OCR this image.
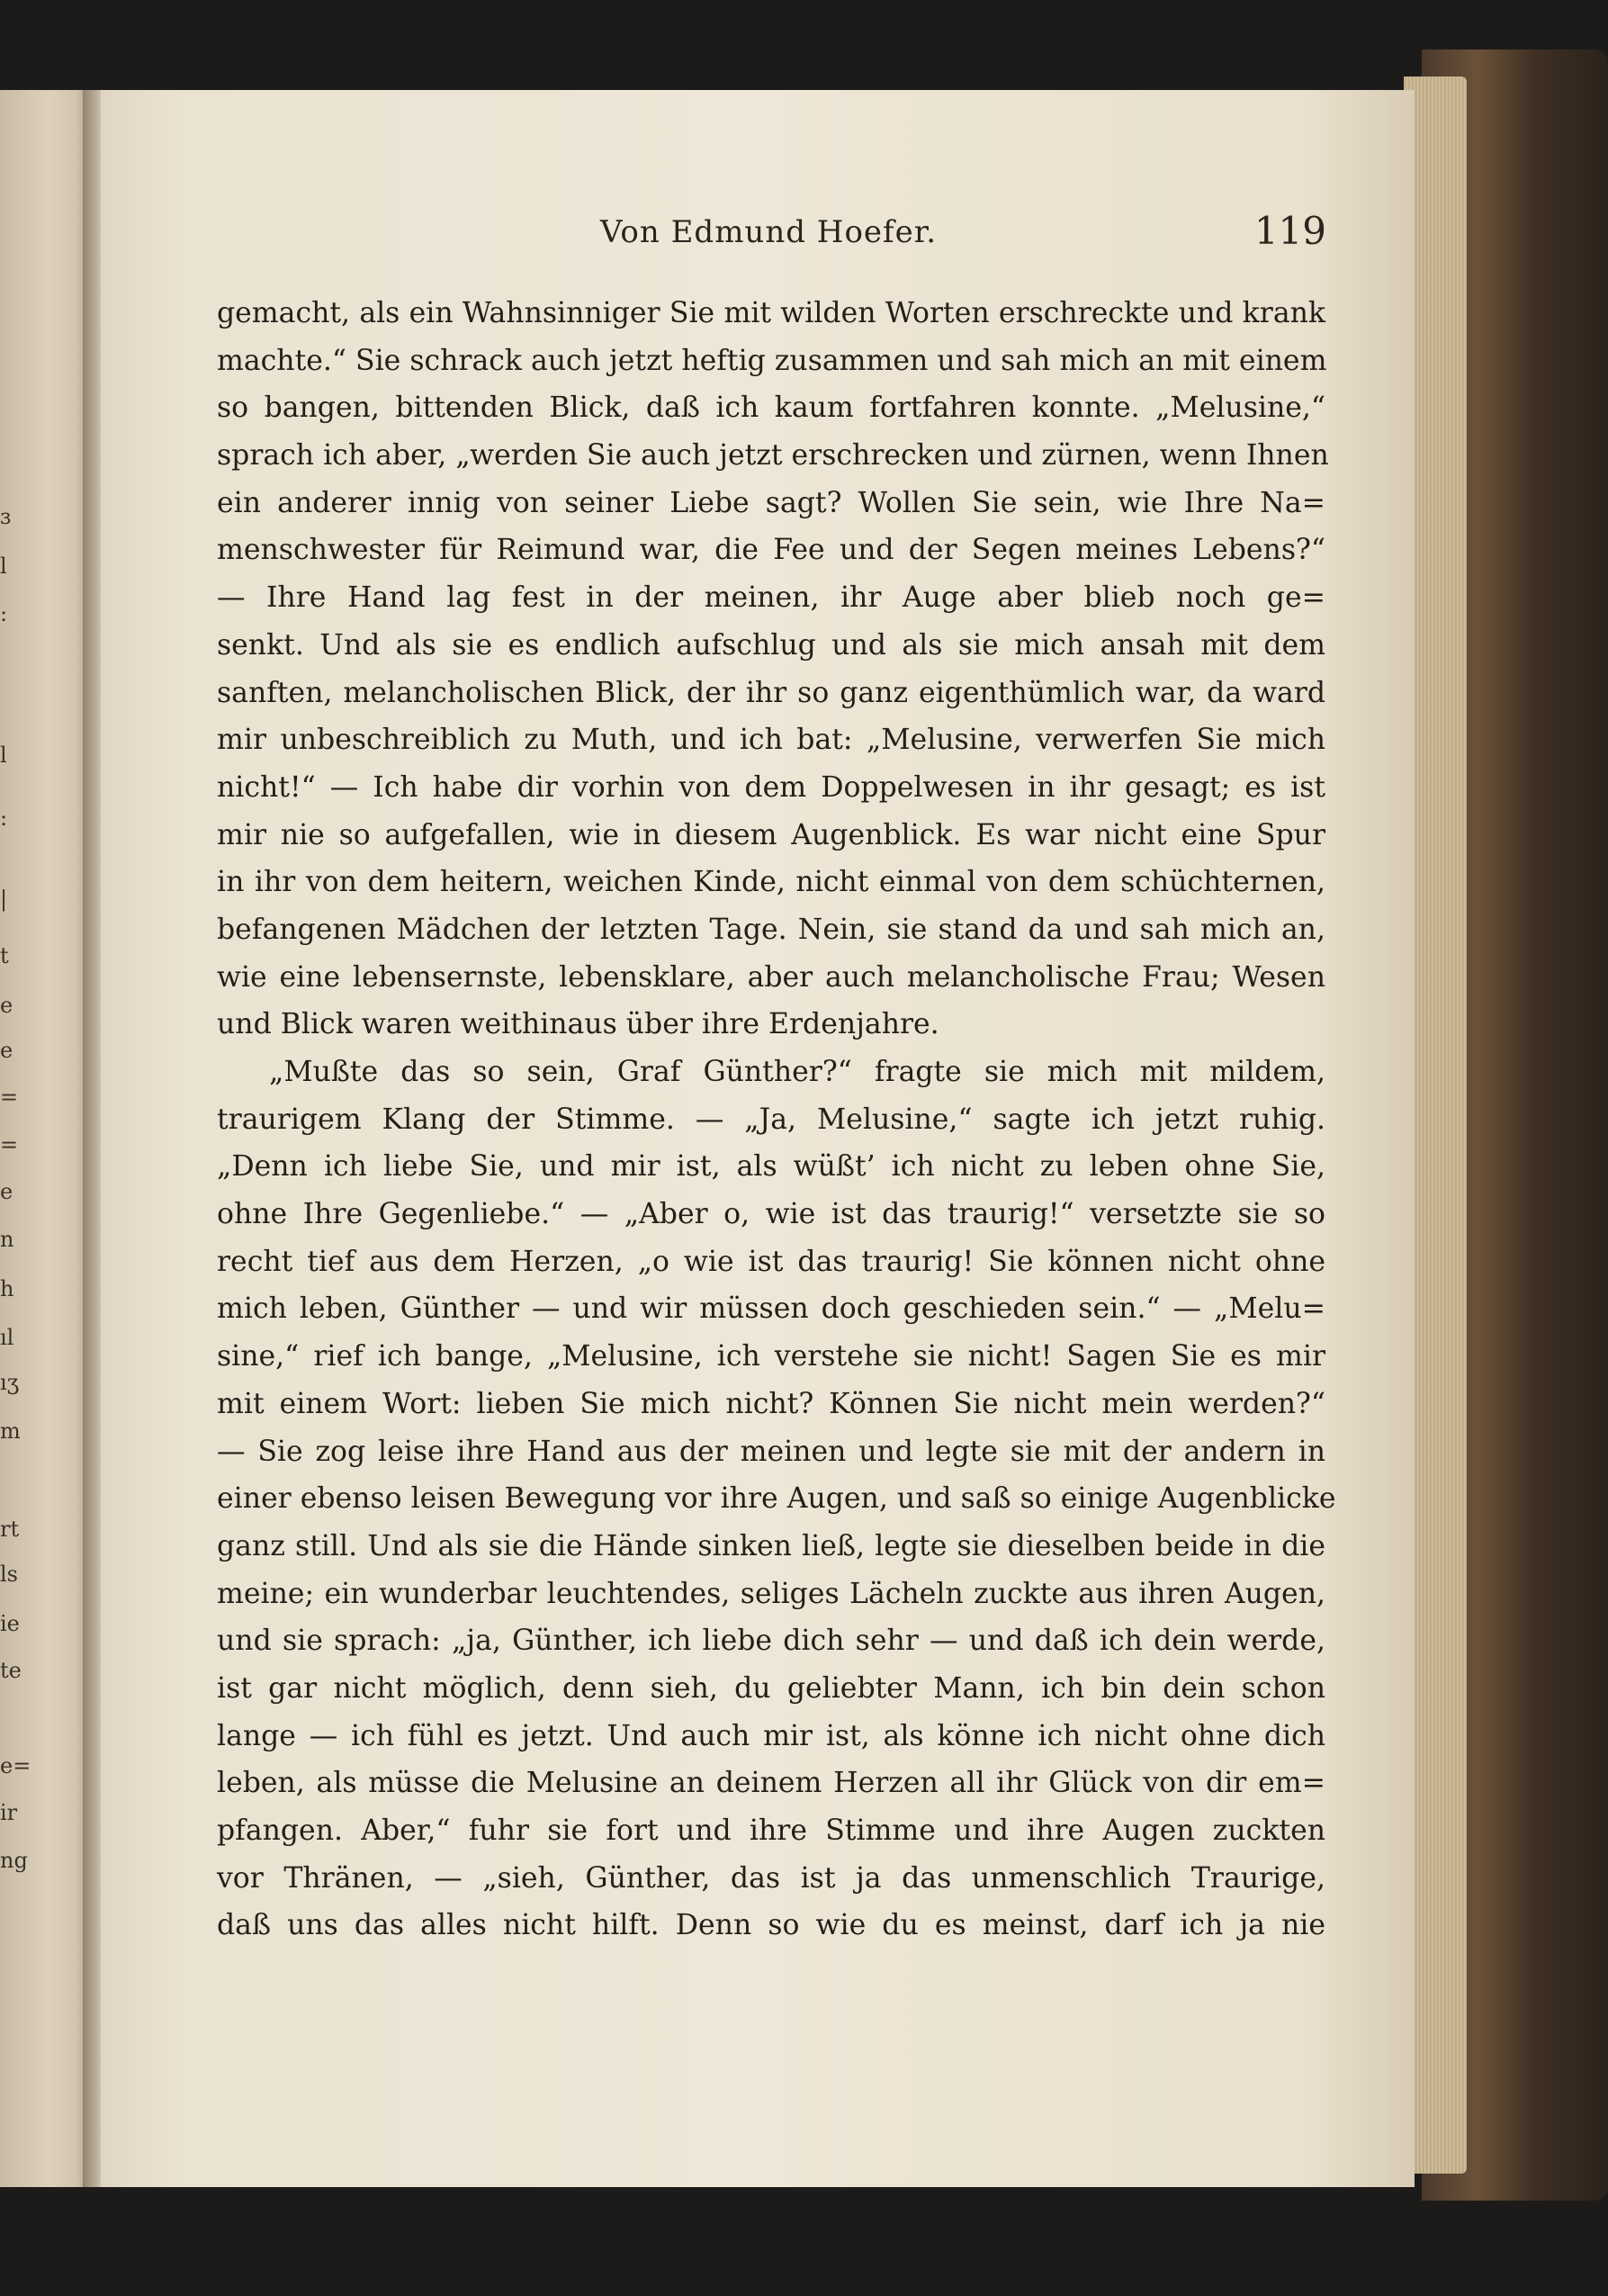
Von Edmund Hoefer.	119
gemacht, als ein Wahnsinniger Sie mit wilden Worten erschreckte und krank
machte.“ Sie schrack auch jetzt heftig zusammen und sah mich an mit einem
so bangen, bittenden Blick, daß ich kaum fortfahren konnte. „Melusine,“
sprach ich aber, „werden Sie auch jetzt erschrecken und zürnen, wenn Ihnen
ein anderer innig von seiner Liebe sagt? Wollen Sie sein, wie Ihre Na=
menschwester für Reimund war, die Fee und der Segen meines Lebens?“
— Ihre Hand lag fest in der meinen, ihr Auge aber blieb noch ge=
senkt. Und als sie es endlich aufschlug und als sie mich ansah mit dem
sanften, melancholischen Blick, der ihr so ganz eigenthümlich war, da ward
mir unbeschreiblich zu Muth, und ich bat: „Melusine, verwerfen Sie mich
nicht!“ — Ich habe dir vorhin von dem Doppelwesen in ihr gesagt; es ist
mir nie so aufgefallen, wie in diesem Augenblick. Es war nicht eine Spur
in ihr von dem heitern, weichen Kinde, nicht einmal von dem schüchternen,
befangenen Mädchen der letzten Tage. Nein, sie stand da und sah mich an,
wie eine lebensernste, lebensklare, aber auch melancholische Frau; Wesen
und Blick waren weithinaus über ihre Erdenjahre.
„Mußte das so sein, Graf Günther?“ fragte sie mich mit mildem,
traurigem Klang der Stimme. — „Ja, Melusine,“ sagte ich jetzt ruhig.
„Denn ich liebe Sie, und mir ist, als wüßt’ ich nicht zu leben ohne Sie,
ohne Ihre Gegenliebe.“ — „Aber o, wie ist das traurig!“ versetzte sie so
recht tief aus dem Herzen, „o wie ist das traurig! Sie können nicht ohne
mich leben, Günther — und wir müssen doch geschieden sein.“ — „Melu=
sine,“ rief ich bange, „Melusine, ich verstehe sie nicht! Sagen Sie es mir
mit einem Wort: lieben Sie mich nicht? Können Sie nicht mein werden?“
— Sie zog leise ihre Hand aus der meinen und legte sie mit der andern in
einer ebenso leisen Bewegung vor ihre Augen, und saß so einige Augenblicke
ganz still. Und als sie die Hände sinken ließ, legte sie dieselben beide in die
meine; ein wunderbar leuchtendes, seliges Lächeln zuckte aus ihren Augen,
und sie sprach: „ja, Günther, ich liebe dich sehr — und daß ich dein werde,
ist gar nicht möglich, denn sieh, du geliebter Mann, ich bin dein schon
lange — ich fühl es jetzt. Und auch mir ist, als könne ich nicht ohne dich
leben, als müsse die Melusine an deinem Herzen all ihr Glück von dir em=
pfangen. Aber,“ fuhr sie fort und ihre Stimme und ihre Augen zuckten
vor Thränen, — „sieh, Günther, das ist ja das unmenschlich Traurige,
daß uns das alles nicht hilft. Denn so wie du es meinst, darf ich ja nie
ɜ
l
:
l
:
|
t
e
e
=
=
e
n
h
ıl
ıʒ
m
rt
ls
ie
te
e=
ir
ng
